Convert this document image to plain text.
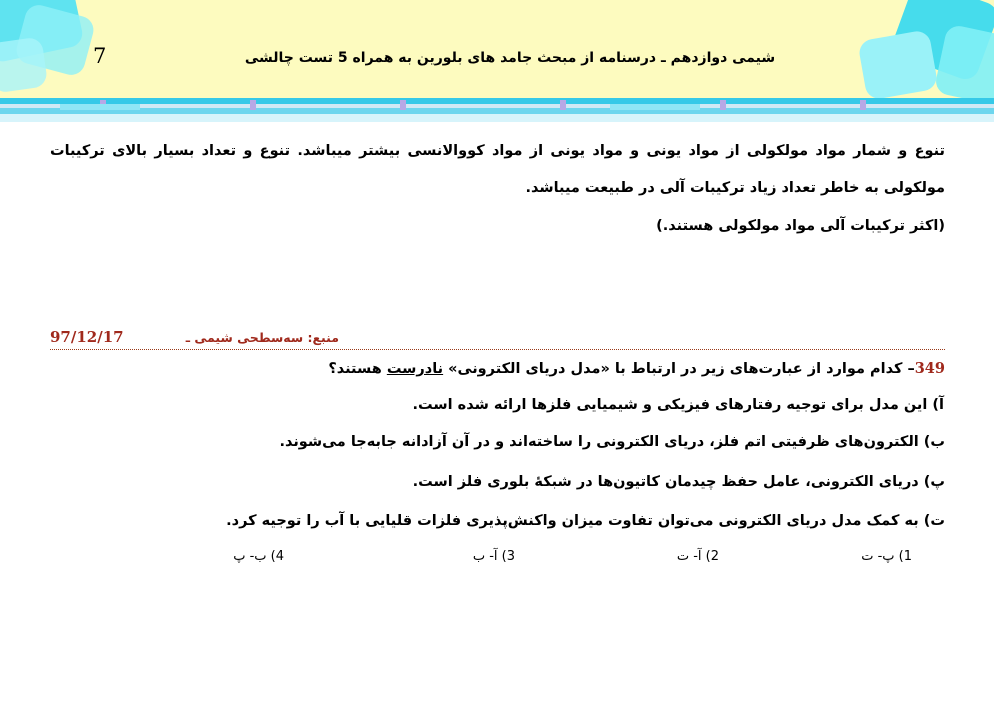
7	شیمی دوازدهم ـ درسنامه از مبحث جامد های بلورین به همراه 5 تست چالشی
تنوع و شمار مواد مولکولی از مواد یونی و مواد یونی از مواد کووالانسی بیشتر میباشد. تنوع و تعداد بسیار بالای ترکیبات مولکولی به خاطر تعداد زیاد ترکیبات آلی در طبیعت میباشد.
(اکثر ترکیبات آلی مواد مولکولی هستند.)
منبع: سه‌سطحی شیمی ـ
97/12/17
349– کدام موارد از عبارت‌های زیر در ارتباط با «مدل دریای الکترونی» نادرست هستند؟
آ) این مدل برای توجیه رفتارهای فیزیکی و شیمیایی فلزها ارائه شده است.
ب) الکترون‌های ظرفیتی اتم فلز، دریای الکترونی را ساخته‌اند و در آن آزادانه جابه‌جا می‌شوند.
پ) دریای الکترونی، عامل حفظ چیدمان کاتیون‌ها در شبکهٔ بلوری فلز است.
ت) به کمک مدل دریای الکترونی می‌توان تفاوت میزان واکنش‌پذیری فلزات قلیایی با آب را توجیه کرد.
1) پ- ت
2) آ- ت
3) آ- ب
4) ب- پ
